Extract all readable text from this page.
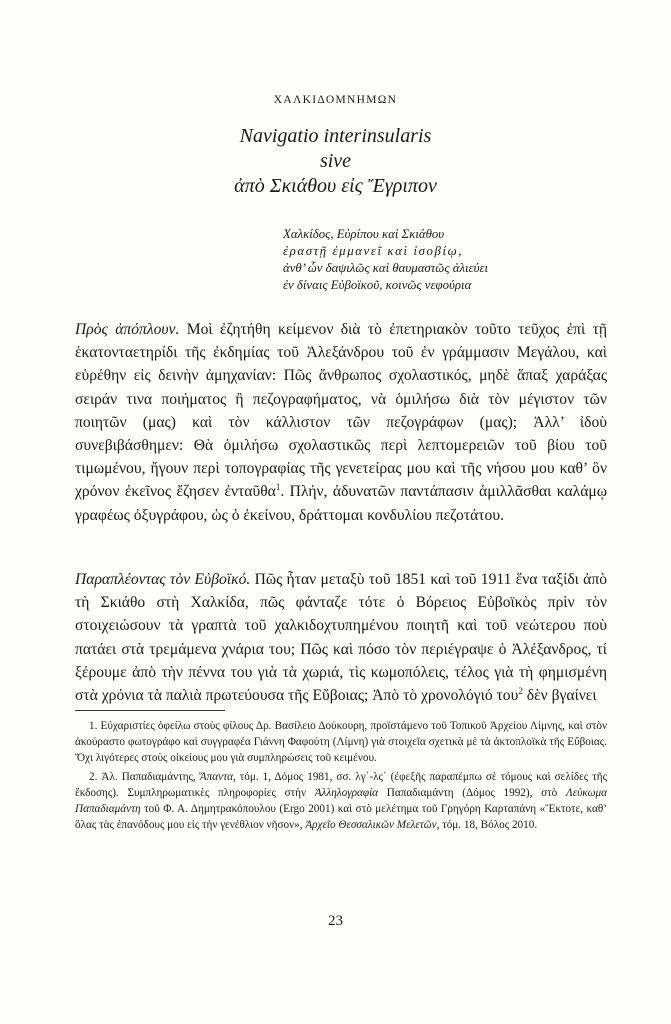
ΧΑΛΚΙΔΟΜΝΗΜΩΝ
Navigatio interinsularis
sive
ἀπὸ Σκιάθου εἰς Ἔγριπον
Χαλκίδος, Εὐρίπου καὶ Σκιάθου
ἐραστῇ ἐμμανεῖ καὶ ἰσοβίῳ,
ἀνθ’ ὧν δαψιλῶς καὶ θαυμαστῶς ἀλιεύει
ἐν δίναις Εὐβοϊκοῦ, κοινῶς νεφούρια

Πρὸς ἀπόπλουν. Μοὶ ἐζητήθη κείμενον διὰ τὸ ἐπετηριακὸν τοῦτο τεῦχος ἐπὶ τῇ ἑκατονταετηρίδι τῆς ἐκδημίας τοῦ Ἀλεξάνδρου τοῦ ἐν γράμμασιν Μεγάλου, καὶ εὑρέθην εἰς δεινὴν ἀμηχανίαν: Πῶς ἄνθρωπος σχολαστικός, μηδὲ ἅπαξ χαράξας σειράν τινα ποιήματος ἢ πεζογραφήματος, νὰ ὁμιλήσω διὰ τὸν μέγιστον τῶν ποιητῶν (μας) καὶ τὸν κάλλιστον τῶν πεζογράφων (μας); Ἀλλ’ ἰδοὺ συνεβιβάσθημεν: Θὰ ὁμιλήσω σχολαστικῶς περὶ λεπτομερειῶν τοῦ βίου τοῦ τιμωμένου, ἤγουν περὶ τοπογραφίας τῆς γενετείρας μου καὶ τῆς νήσου μου καθ’ ὃν χρόνον ἐκεῖνος ἔζησεν ἐνταῦθα$^1$. Πλήν, ἀδυνατῶν παντάπασιν ἁμιλλᾶσθαι καλάμῳ γραφέως ὀξυγράφου, ὡς ὁ ἐκείνου, δράττομαι κονδυλίου πεζοτάτου.

Παραπλέοντας τὸν Εὐβοϊκό. Πῶς ἦταν μεταξὺ τοῦ 1851 καὶ τοῦ 1911 ἕνα ταξίδι ἀπὸ τὴ Σκιάθο στὴ Χαλκίδα, πῶς φάνταζε τότε ὁ Βόρειος Εὐβοϊκὸς πρὶν τὸν στοιχειώσουν τὰ γραπτὰ τοῦ χαλκιδοχτυπημένου ποιητῆ καὶ τοῦ νεώτερου ποὺ πατάει στὰ τρεμάμενα χνάρια του; Πῶς καὶ πόσο τὸν περιέγραψε ὁ Ἀλέξανδρος, τί ξέρουμε ἀπὸ τὴν πέννα του γιὰ τὰ χωριά, τὶς κωμοπόλεις, τέλος γιὰ τὴ φημισμένη στὰ χρόνια τὰ παλιὰ πρωτεύουσα τῆς Εὔβοιας; Ἀπὸ τὸ χρονολόγιό του$^2$ δὲν βγαίνει

1. Εὐχαριστίες ὀφείλω στοὺς φίλους Δρ. Βασίλειο Δούκουρη, προϊστάμενο τοῦ Τοπικοῦ Ἀρχείου Λίμνης, καὶ στὸν ἀκούραστο φωτογράφο καὶ συγγραφέα Γιάννη Φαφούτη (Λίμνη) γιὰ στοιχεῖα σχετικὰ μὲ τὰ ἀκτοπλοϊκὰ τῆς Εὔβοιας. Ὄχι λιγότερες στοὺς οἰκείους μου γιὰ συμπληρώσεις τοῦ κειμένου.

2. Ἀλ. Παπαδιαμάντης, Ἅπαντα, τόμ. 1, Δόμος 1981, σσ. λγ΄-λς΄ (ἐφεξῆς παραπέμπω σὲ τόμους καὶ σελίδες τῆς ἔκδοσης). Συμπληρωματικὲς πληροφορίες στὴν Ἀλληλογραφία Παπαδιαμάντη (Δόμος 1992), στὸ Λεύκωμα Παπαδιαμάντη τοῦ Φ. Α. Δημητρακόπουλου (Ergo 2001) καὶ στὸ μελέτημα τοῦ Γρηγόρη Καρταπάνη «Ἔκτοτε, καθ’ ὅλας τὰς ἐπανόδους μου εἰς τὴν γενέθλιον νῆσον», Ἀρχεῖο Θεσσαλικῶν Μελετῶν, τόμ. 18, Βόλος 2010.

23
